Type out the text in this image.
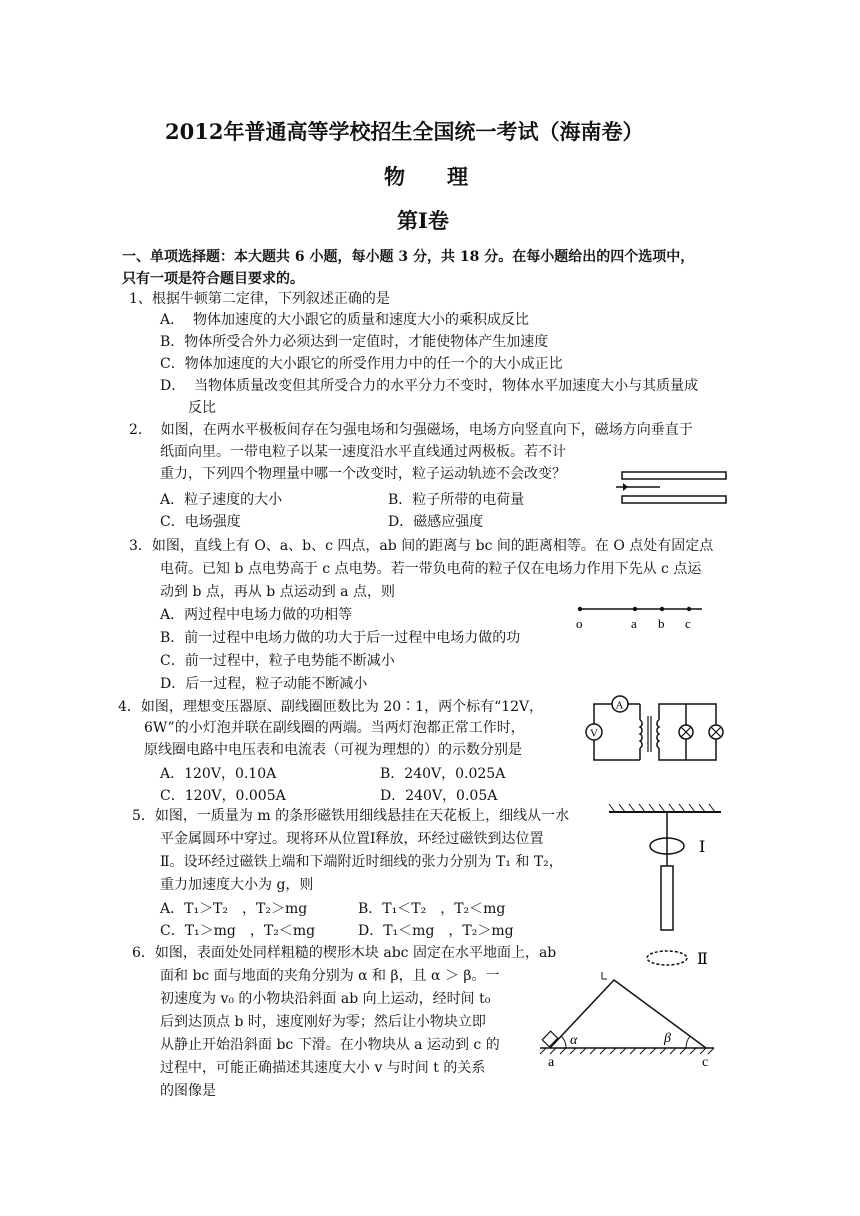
2012年普通高等学校招生全国统一考试（海南卷）
物　　理
第Ⅰ卷
一、单项选择题：本大题共 6 小题，每小题 3 分，共 18 分。在每小题给出的四个选项中，
只有一项是符合题目要求的。
1、根据牛顿第二定律，下列叙述正确的是
A．  物体加速度的大小跟它的质量和速度大小的乘积成反比
B．物体所受合外力必须达到一定值时，才能使物体产生加速度
C．物体加速度的大小跟它的所受作用力中的任一个的大小成正比
D．  当物体质量改变但其所受合力的水平分力不变时，物体水平加速度大小与其质量成
反比
2．  如图，在两水平极板间存在匀强电场和匀强磁场，电场方向竖直向下，磁场方向垂直于
纸面向里。一带电粒子以某一速度沿水平直线通过两极板。若不计
重力，下列四个物理量中哪一个改变时，粒子运动轨迹不会改变？
A．粒子速度的大小	B．粒子所带的电荷量
C．电场强度	D．磁感应强度
3．如图，直线上有 O、a、b、c 四点，ab 间的距离与 bc 间的距离相等。在 O 点处有固定点
电荷。已知 b 点电势高于 c 点电势。若一带负电荷的粒子仅在电场力作用下先从 c 点运
动到 b 点，再从 b 点运动到 a 点，则
A．两过程中电场力做的功相等
B．前一过程中电场力做的功大于后一过程中电场力做的功
C．前一过程中，粒子电势能不断减小
D．后一过程，粒子动能不断减小
o	a b c
4．如图，理想变压器原、副线圈匝数比为 20∶1，两个标有“12V，
6W”的小灯泡并联在副线圈的两端。当两灯泡都正常工作时，
原线圈电路中电压表和电流表（可视为理想的）的示数分别是
A．120V，0.10A	B．240V，0.025A
C．120V，0.005A	D．240V，0.05A
A
V
5．如图，一质量为 m 的条形磁铁用细线悬挂在天花板上，细线从一水
平金属圆环中穿过。现将环从位置Ⅰ释放，环经过磁铁到达位置
Ⅱ。设环经过磁铁上端和下端附近时细线的张力分别为 T₁ 和 T₂，
重力加速度大小为 g，则
A．T₁＞T₂　，T₂＞mg	B．T₁＜T₂　，T₂＜mg
C．T₁＞mg　，T₂＜mg	D．T₁＜mg　，T₂＞mg
Ⅰ
Ⅱ
6．如图，表面处处同样粗糙的楔形木块 abc 固定在水平地面上，ab
面和 bc 面与地面的夹角分别为 α 和 β，且 α ＞ β。一
初速度为 v₀ 的小物块沿斜面 ab 向上运动，经时间 t₀
后到达顶点 b 时，速度刚好为零；然后让小物块立即
从静止开始沿斜面 bc 下滑。在小物块从 a 运动到 c 的
过程中，可能正确描述其速度大小 v 与时间 t 的关系
的图像是
α	β
a	c
